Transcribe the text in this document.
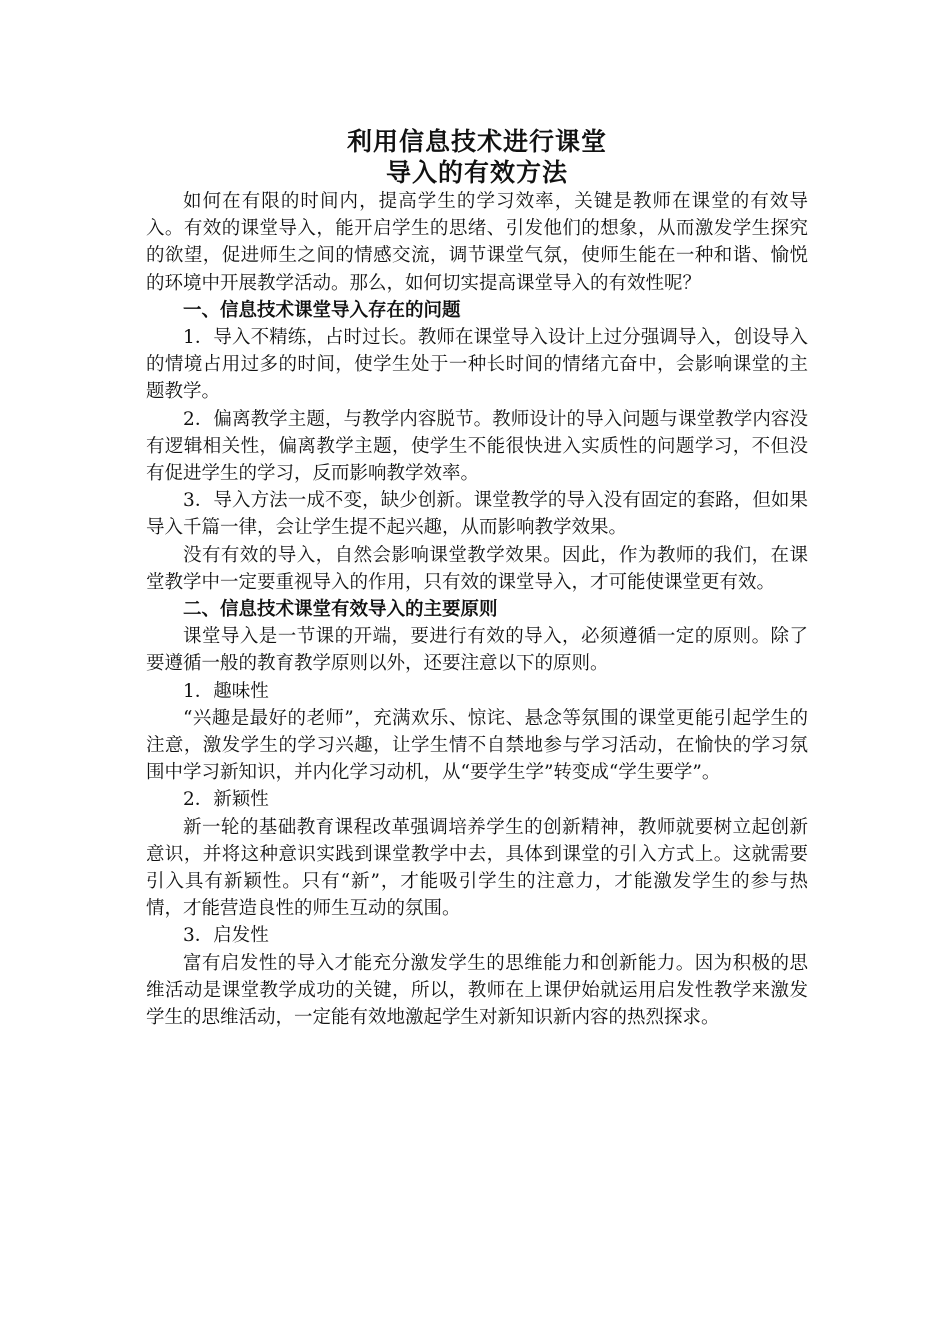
利用信息技术进行课堂
导入的有效方法

如何在有限的时间内，提高学生的学习效率，关键是教师在课堂的有效导入。有效的课堂导入，能开启学生的思绪、引发他们的想象，从而激发学生探究的欲望，促进师生之间的情感交流，调节课堂气氛，使师生能在一种和谐、愉悦的环境中开展教学活动。那么，如何切实提高课堂导入的有效性呢？

一、信息技术课堂导入存在的问题

1．导入不精练，占时过长。教师在课堂导入设计上过分强调导入，创设导入的情境占用过多的时间，使学生处于一种长时间的情绪亢奋中，会影响课堂的主题教学。

2．偏离教学主题，与教学内容脱节。教师设计的导入问题与课堂教学内容没有逻辑相关性，偏离教学主题，使学生不能很快进入实质性的问题学习，不但没有促进学生的学习，反而影响教学效率。

3．导入方法一成不变，缺少创新。课堂教学的导入没有固定的套路，但如果导入千篇一律，会让学生提不起兴趣，从而影响教学效果。

没有有效的导入，自然会影响课堂教学效果。因此，作为教师的我们，在课堂教学中一定要重视导入的作用，只有效的课堂导入，才可能使课堂更有效。

二、信息技术课堂有效导入的主要原则

课堂导入是一节课的开端，要进行有效的导入，必须遵循一定的原则。除了要遵循一般的教育教学原则以外，还要注意以下的原则。

1．趣味性

“兴趣是最好的老师”，充满欢乐、惊诧、悬念等氛围的课堂更能引起学生的注意，激发学生的学习兴趣，让学生情不自禁地参与学习活动，在愉快的学习氛围中学习新知识，并内化学习动机，从“要学生学”转变成“学生要学”。

2．新颖性

新一轮的基础教育课程改革强调培养学生的创新精神，教师就要树立起创新意识，并将这种意识实践到课堂教学中去，具体到课堂的引入方式上。这就需要引入具有新颖性。只有“新”，才能吸引学生的注意力，才能激发学生的参与热情，才能营造良性的师生互动的氛围。

3．启发性

富有启发性的导入才能充分激发学生的思维能力和创新能力。因为积极的思维活动是课堂教学成功的关键，所以，教师在上课伊始就运用启发性教学来激发学生的思维活动，一定能有效地激起学生对新知识新内容的热烈探求。
